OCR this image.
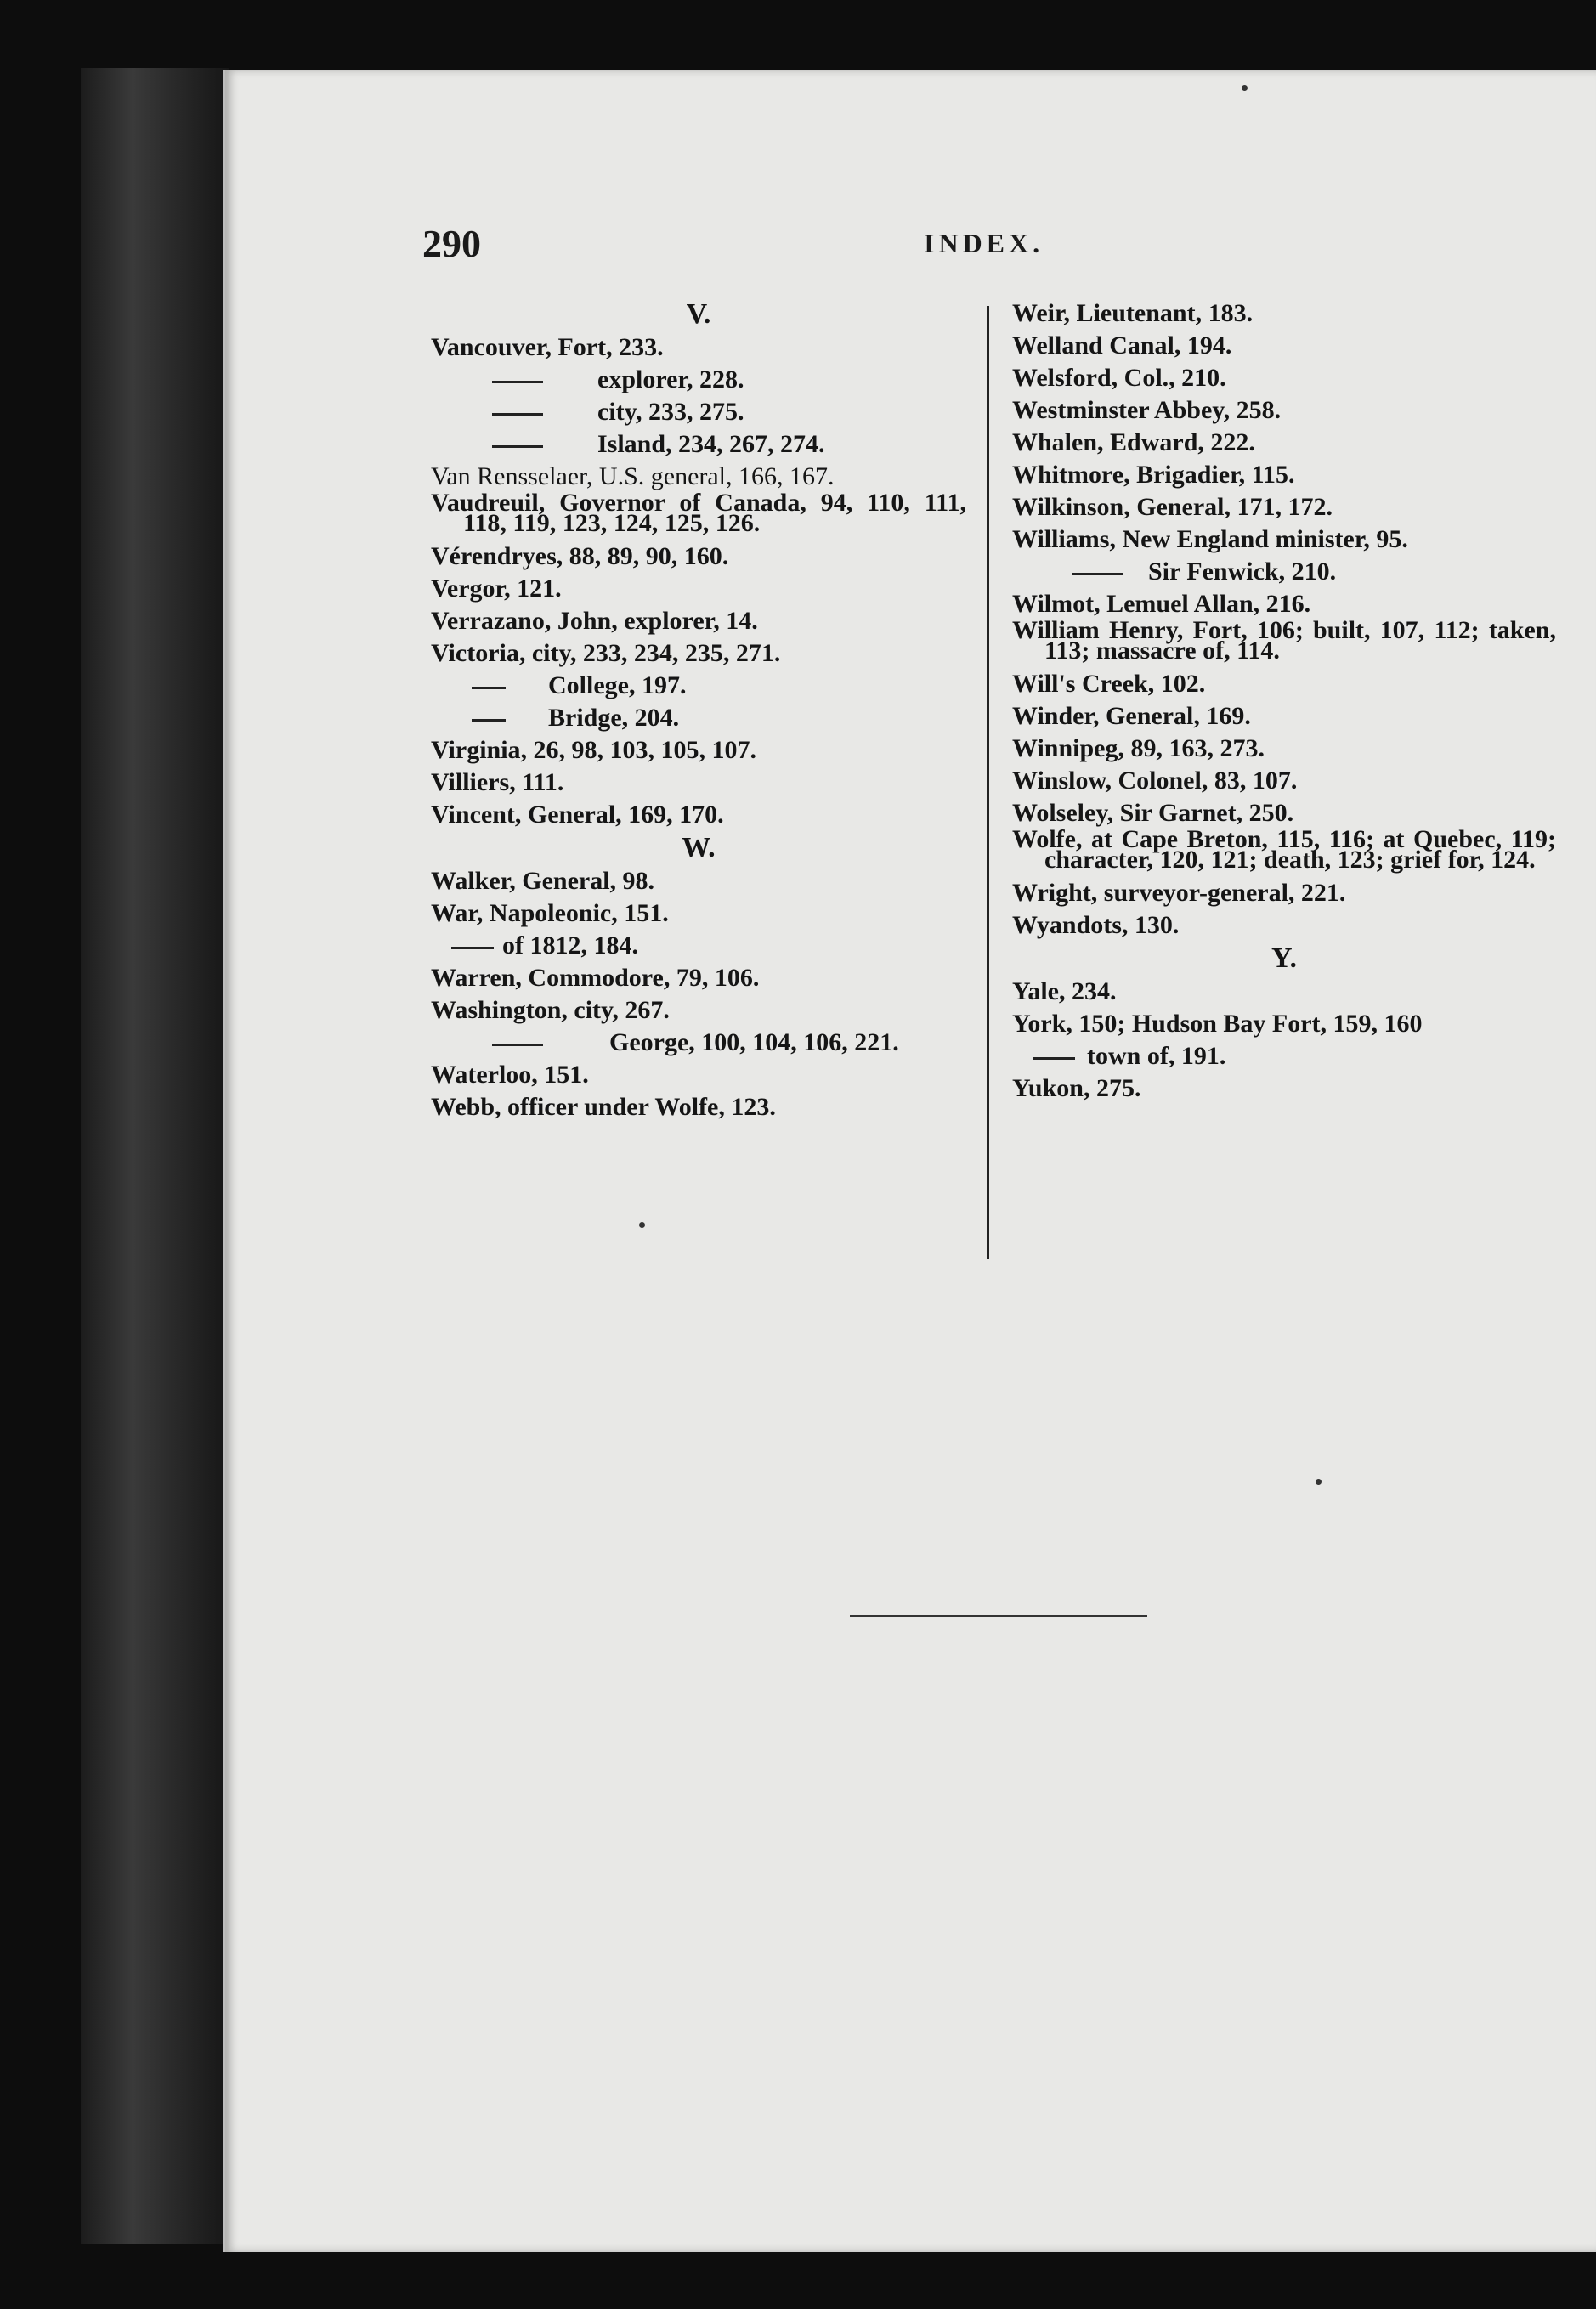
290	INDEX.
V.
Vancouver, Fort, 233.
explorer, 228.
city, 233, 275.
Island, 234, 267, 274.
Van Rensselaer, U.S. general, 166, 167.
Vaudreuil, Governor of Canada, 94, 110, 111, 118, 119, 123, 124, 125, 126.
Vérendryes, 88, 89, 90, 160.
Vergor, 121.
Verrazano, John, explorer, 14.
Victoria, city, 233, 234, 235, 271.
College, 197.
Bridge, 204.
Virginia, 26, 98, 103, 105, 107.
Villiers, 111.
Vincent, General, 169, 170.
W.
Walker, General, 98.
War, Napoleonic, 151.
of 1812, 184.
Warren, Commodore, 79, 106.
Washington, city, 267.
George, 100, 104, 106, 221.
Waterloo, 151.
Webb, officer under Wolfe, 123.
Weir, Lieutenant, 183.
Welland Canal, 194.
Welsford, Col., 210.
Westminster Abbey, 258.
Whalen, Edward, 222.
Whitmore, Brigadier, 115.
Wilkinson, General, 171, 172.
Williams, New England minister, 95.
Sir Fenwick, 210.
Wilmot, Lemuel Allan, 216.
William Henry, Fort, 106; built, 107, 112; taken, 113; massacre of, 114.
Will's Creek, 102.
Winder, General, 169.
Winnipeg, 89, 163, 273.
Winslow, Colonel, 83, 107.
Wolseley, Sir Garnet, 250.
Wolfe, at Cape Breton, 115, 116; at Quebec, 119; character, 120, 121; death, 123; grief for, 124.
Wright, surveyor-general, 221.
Wyandots, 130.
Y.
Yale, 234.
York, 150; Hudson Bay Fort, 159, 160
town of, 191.
Yukon, 275.
